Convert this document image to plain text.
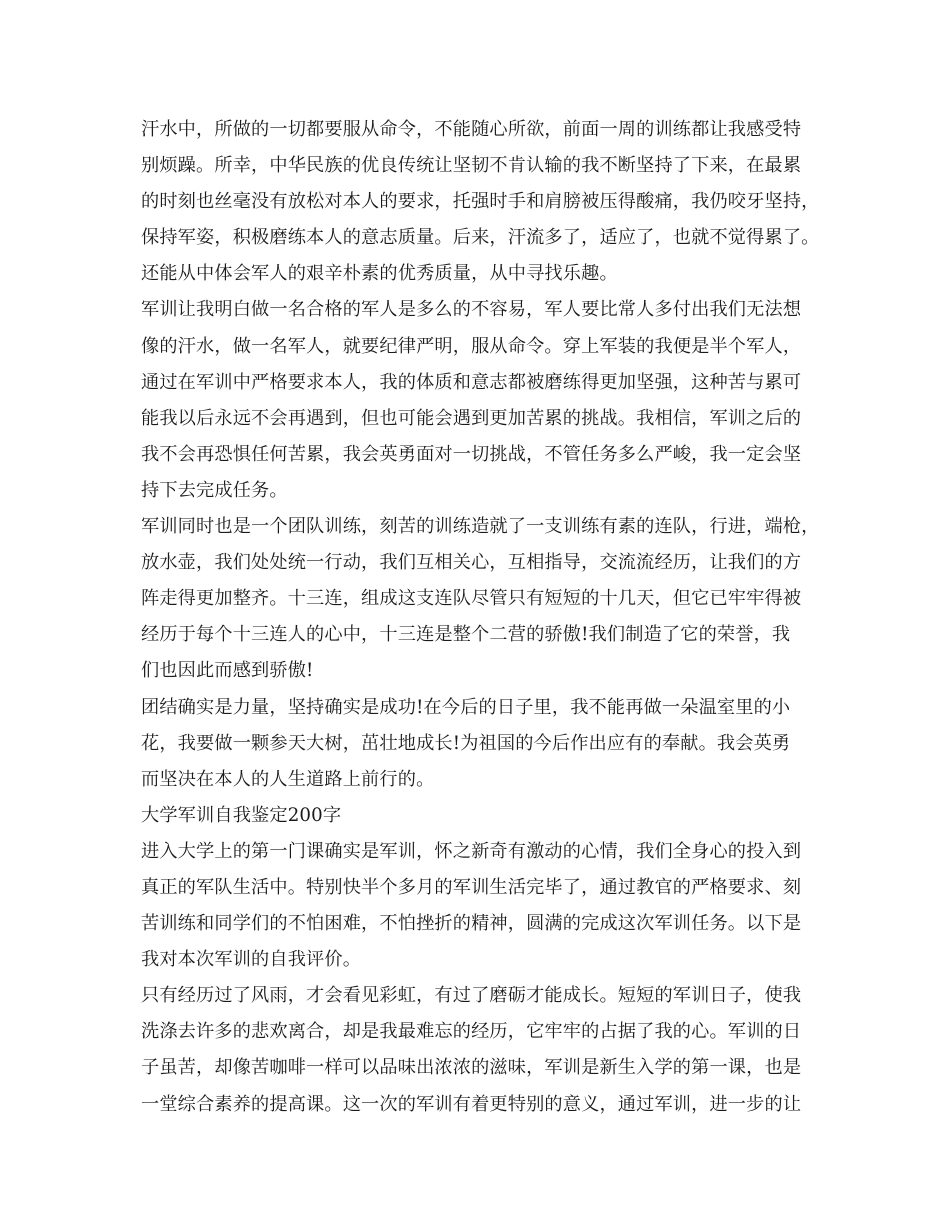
汗水中，所做的一切都要服从命令，不能随心所欲，前面一周的训练都让我感受特
别烦躁。所幸，中华民族的优良传统让坚韧不肯认输的我不断坚持了下来，在最累
的时刻也丝毫没有放松对本人的要求，托强时手和肩膀被压得酸痛，我仍咬牙坚持，
保持军姿，积极磨练本人的意志质量。后来，汗流多了，适应了，也就不觉得累了。
还能从中体会军人的艰辛朴素的优秀质量，从中寻找乐趣。

军训让我明白做一名合格的军人是多么的不容易，军人要比常人多付出我们无法想
像的汗水，做一名军人，就要纪律严明，服从命令。穿上军装的我便是半个军人，
通过在军训中严格要求本人，我的体质和意志都被磨练得更加坚强，这种苦与累可
能我以后永远不会再遇到，但也可能会遇到更加苦累的挑战。我相信，军训之后的
我不会再恐惧任何苦累，我会英勇面对一切挑战，不管任务多么严峻，我一定会坚
持下去完成任务。

军训同时也是一个团队训练，刻苦的训练造就了一支训练有素的连队，行进，端枪，
放水壶，我们处处统一行动，我们互相关心，互相指导，交流流经历，让我们的方
阵走得更加整齐。十三连，组成这支连队尽管只有短短的十几天，但它已牢牢得被
经历于每个十三连人的心中，十三连是整个二营的骄傲!我们制造了它的荣誉，我
们也因此而感到骄傲!

团结确实是力量，坚持确实是成功!在今后的日子里，我不能再做一朵温室里的小
花，我要做一颗参天大树，茁壮地成长!为祖国的今后作出应有的奉献。我会英勇
而坚决在本人的人生道路上前行的。

大学军训自我鉴定200字

进入大学上的第一门课确实是军训，怀之新奇有激动的心情，我们全身心的投入到
真正的军队生活中。特别快半个多月的军训生活完毕了，通过教官的严格要求、刻
苦训练和同学们的不怕困难，不怕挫折的精神，圆满的完成这次军训任务。以下是
我对本次军训的自我评价。

只有经历过了风雨，才会看见彩虹，有过了磨砺才能成长。短短的军训日子，使我
洗涤去许多的悲欢离合，却是我最难忘的经历，它牢牢的占据了我的心。军训的日
子虽苦，却像苦咖啡一样可以品味出浓浓的滋味，军训是新生入学的第一课，也是
一堂综合素养的提高课。这一次的军训有着更特别的意义，通过军训，进一步的让
